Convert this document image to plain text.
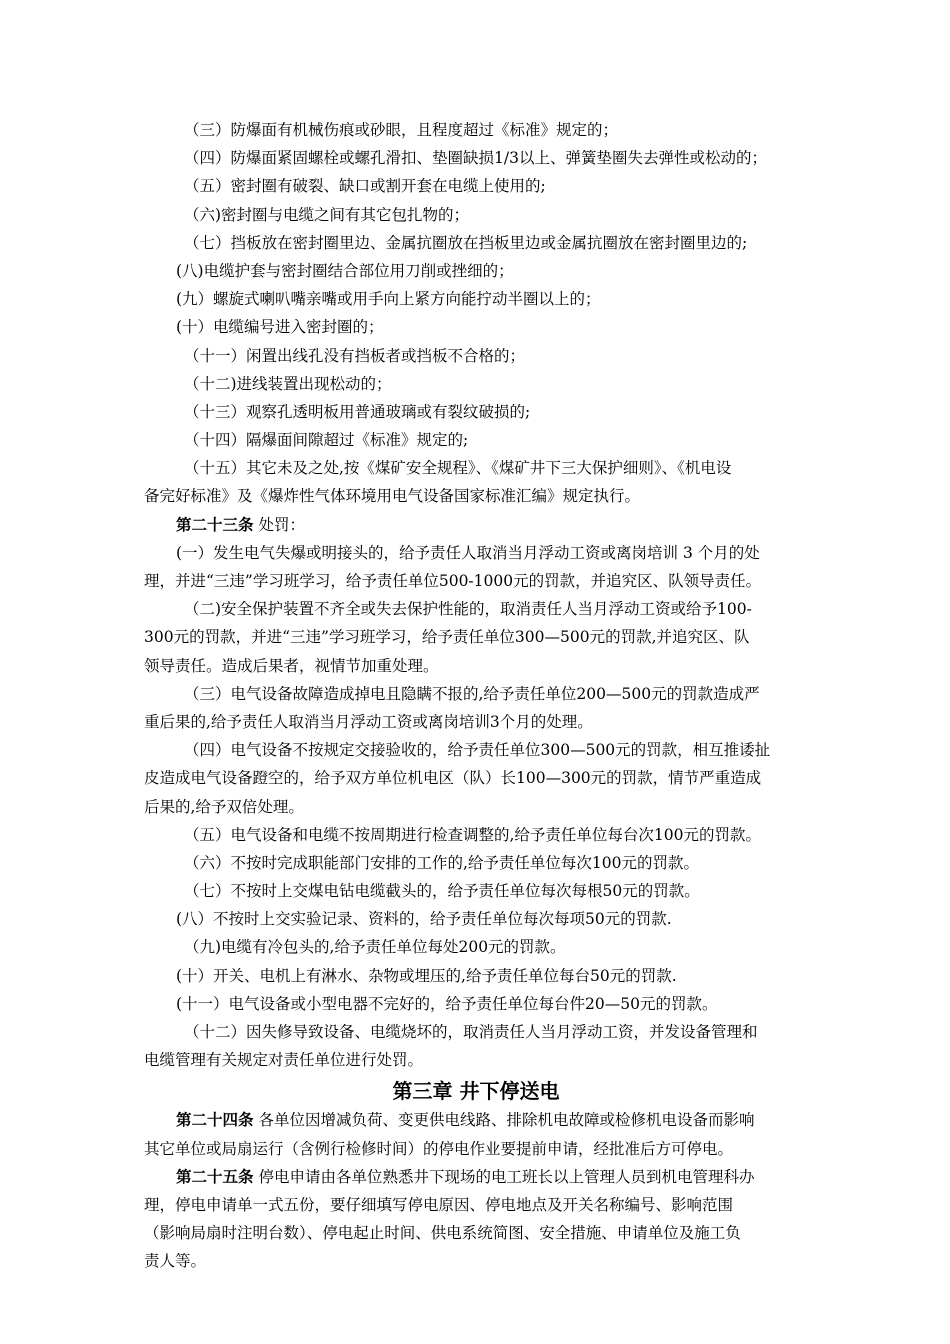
（三）防爆面有机械伤痕或砂眼，且程度超过《标准》规定的；
（四）防爆面紧固螺栓或螺孔滑扣、垫圈缺损1/3以上、弹簧垫圈失去弹性或松动的；
（五）密封圈有破裂、缺口或割开套在电缆上使用的;
（六)密封圈与电缆之间有其它包扎物的；
（七）挡板放在密封圈里边、金属抗圈放在挡板里边或金属抗圈放在密封圈里边的;
(八)电缆护套与密封圈结合部位用刀削或挫细的；
(九）螺旋式喇叭嘴亲嘴或用手向上紧方向能拧动半圈以上的；
(十）电缆编号进入密封圈的；
（十一）闲置出线孔没有挡板者或挡板不合格的；
（十二)进线装置出现松动的；
（十三）观察孔透明板用普通玻璃或有裂纹破损的;
（十四）隔爆面间隙超过《标准》规定的;
（十五）其它未及之处,按《煤矿安全规程》、《煤矿井下三大保护细则》、《机电设
备完好标准》及《爆炸性气体环境用电气设备国家标准汇编》规定执行。
第二十三条 处罚：
(一）发生电气失爆或明接头的，给予责任人取消当月浮动工资或离岗培训 3 个月的处
理，并进“三违”学习班学习，给予责任单位500-1000元的罚款，并追究区、队领导责任。
（二)安全保护装置不齐全或失去保护性能的，取消责任人当月浮动工资或给予100-
300元的罚款，并进“三违”学习班学习，给予责任单位300—500元的罚款,并追究区、队
领导责任。造成后果者，视情节加重处理。
（三）电气设备故障造成掉电且隐瞒不报的,给予责任单位200—500元的罚款造成严
重后果的,给予责任人取消当月浮动工资或离岗培训3个月的处理。
（四）电气设备不按规定交接验收的，给予责任单位300—500元的罚款，相互推诿扯
皮造成电气设备蹬空的，给予双方单位机电区（队）长100—300元的罚款，情节严重造成
后果的,给予双倍处理。
（五）电气设备和电缆不按周期进行检查调整的,给予责任单位每台次100元的罚款。
（六）不按时完成职能部门安排的工作的,给予责任单位每次100元的罚款。
（七）不按时上交煤电钻电缆截头的，给予责任单位每次每根50元的罚款。
(八）不按时上交实验记录、资料的，给予责任单位每次每项50元的罚款.
（九)电缆有冷包头的,给予责任单位每处200元的罚款。
(十）开关、电机上有淋水、杂物或埋压的,给予责任单位每台50元的罚款.
(十一）电气设备或小型电器不完好的，给予责任单位每台件20—50元的罚款。
（十二）因失修导致设备、电缆烧坏的，取消责任人当月浮动工资，并发设备管理和
电缆管理有关规定对责任单位进行处罚。
第三章 井下停送电
第二十四条 各单位因增减负荷、变更供电线路、排除机电故障或检修机电设备而影响
其它单位或局扇运行（含例行检修时间）的停电作业要提前申请，经批准后方可停电。
第二十五条 停电申请由各单位熟悉井下现场的电工班长以上管理人员到机电管理科办
理，停电申请单一式五份，要仔细填写停电原因、停电地点及开关名称编号、影响范围
（影响局扇时注明台数）、停电起止时间、供电系统简图、安全措施、申请单位及施工负
责人等。
